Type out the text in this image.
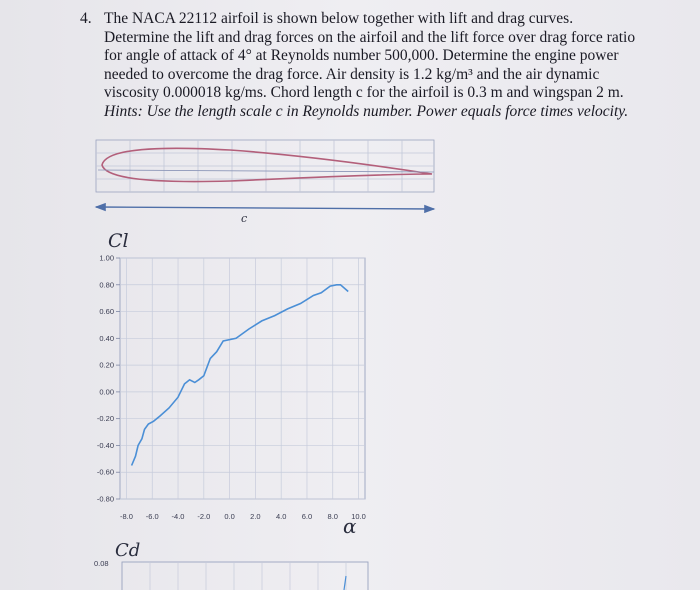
4. The NACA 22112 airfoil is shown below together with lift and drag curves.
Determine the lift and drag forces on the airfoil and the lift force over drag force ratio
for angle of attack of 4° at Reynolds number 500,000. Determine the engine power
needed to overcome the drag force. Air density is 1.2 kg/m³ and the air dynamic
viscosity 0.000018 kg/ms. Chord length c for the airfoil is 0.3 m and wingspan 2 m.
Hints: Use the length scale c in Reynolds number. Power equals force times velocity.
c
Cl
1.00
0.80
0.60
0.40
0.20
0.00
-0.20
-0.40
-0.60
-0.80
-8.0 -6.0 -4.0 -2.0 0.0 2.0 4.0 6.0 8.0 10.0
α
Cd
0.08
